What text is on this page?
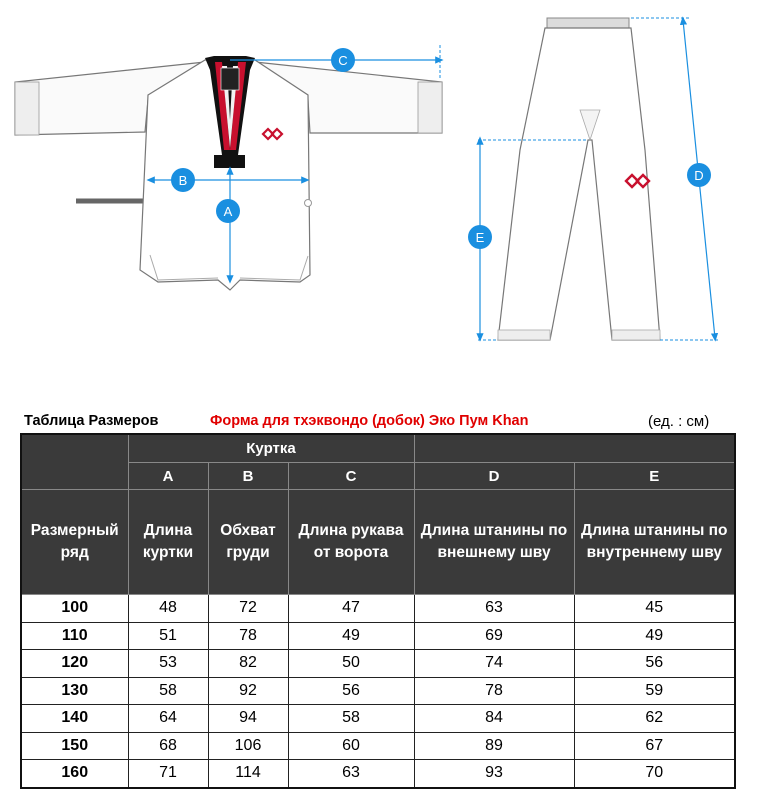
A
B
C
D
E
Таблица Размеров	Форма для тхэквондо (добок) Эко Пум Khan	(ед. : см)
	Куртка				
	A	B	C	D	E
Размерный ряд	Длина куртки	Обхват груди	Длина рукава от ворота	Длина штанины по внешнему шву	Длина штанины по внутреннему шву
100	48	72	47	63	45
110	51	78	49	69	49
120	53	82	50	74	56
130	58	92	56	78	59
140	64	94	58	84	62
150	68	106	60	89	67
160	71	114	63	93	70
